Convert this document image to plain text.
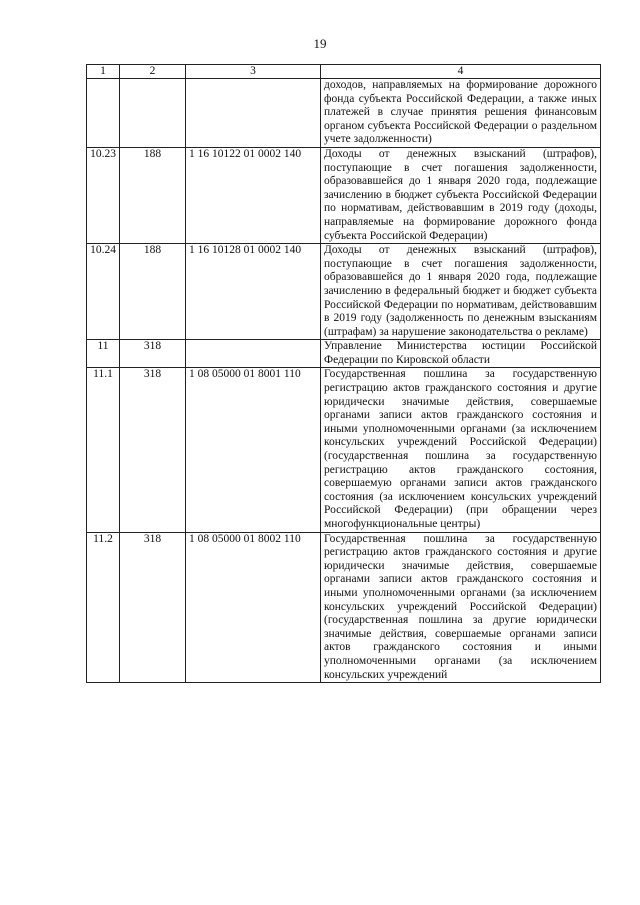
19
1	2	3	4
			доходов, направляемых на формирование дорожного фонда субъекта Российской Федерации, а также иных платежей в случае принятия решения финансовым органом субъекта Российской Федерации о раздельном учете задолженности)
10.23	188	1 16 10122 01 0002 140	Доходы от денежных взысканий (штрафов), поступающие в счет погашения задолженности, образовавшейся до 1 января 2020 года, подлежащие зачислению в бюджет субъекта Российской Федерации по нормативам, действовавшим в 2019 году (доходы, направляемые на формирование дорожного фонда субъекта Российской Федерации)
10.24	188	1 16 10128 01 0002 140	Доходы от денежных взысканий (штрафов), поступающие в счет погашения задолженности, образовавшейся до 1 января 2020 года, подлежащие зачислению в федеральный бюджет и бюджет субъекта Российской Федерации по нормативам, действовавшим в 2019 году (задолженность по денежным взысканиям (штрафам) за нарушение законодательства о рекламе)
11	318		Управление Министерства юстиции Российской Федерации по Кировской области
11.1	318	1 08 05000 01 8001 110	Государственная пошлина за государственную регистрацию актов гражданского состояния и другие юридически значимые действия, совершаемые органами записи актов гражданского состояния и иными уполномоченными органами (за исключением консульских учреждений Российской Федерации) (государственная пошлина за государственную регистрацию актов гражданского состояния, совершаемую органами записи актов гражданского состояния (за исключением консульских учреждений Российской Федерации) (при обращении через многофункциональные центры)
11.2	318	1 08 05000 01 8002 110	Государственная пошлина за государственную регистрацию актов гражданского состояния и другие юридически значимые действия, совершаемые органами записи актов гражданского состояния и иными уполномоченными органами (за исключением консульских учреждений Российской Федерации) (государственная пошлина за другие юридически значимые действия, совершаемые органами записи актов гражданского состояния и иными уполномоченными органами (за исключением консульских учреждений
